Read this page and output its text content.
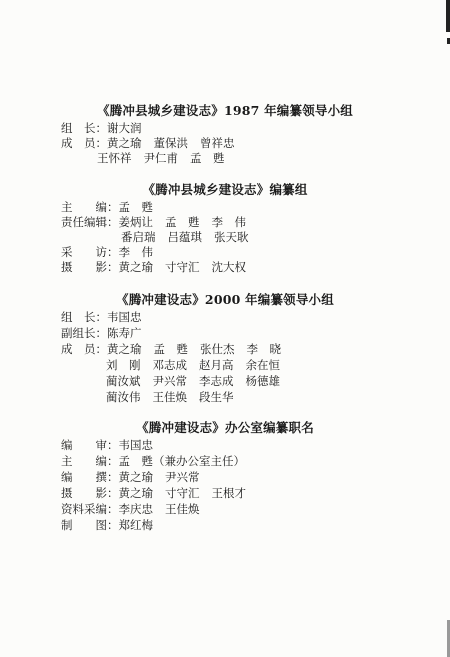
《腾冲县城乡建设志》1987 年编纂领导小组
组　长：谢大润
成　员：黄之瑜 董保洪 曾祥忠
王怀祥 尹仁甫 孟　甦
《腾冲县城乡建设志》编纂组
主　　编：孟　甦
责任编辑：姜炳让 孟　甦 李　伟
番启瑞 吕蕴琪 张天耿
采　　访：李　伟
摄　　影：黄之瑜 寸守汇 沈大权
《腾冲建设志》2000 年编纂领导小组
组　长：韦国忠
副组长：陈寿广
成　员：黄之瑜 孟　甦 张仕杰 李　晓
刘　刚 邓志成 赵月高 余在恒
蔺汝斌 尹兴常 李志成 杨德雄
蔺汝伟 王佳焕 段生华
《腾冲建设志》办公室编纂职名
编　　审：韦国忠
主　　编：孟　甦（兼办公室主任）
编　　撰：黄之瑜 尹兴常
摄　　影：黄之瑜 寸守汇 王根才
资料采编：李庆忠 王佳焕
制　　图：郑红梅
